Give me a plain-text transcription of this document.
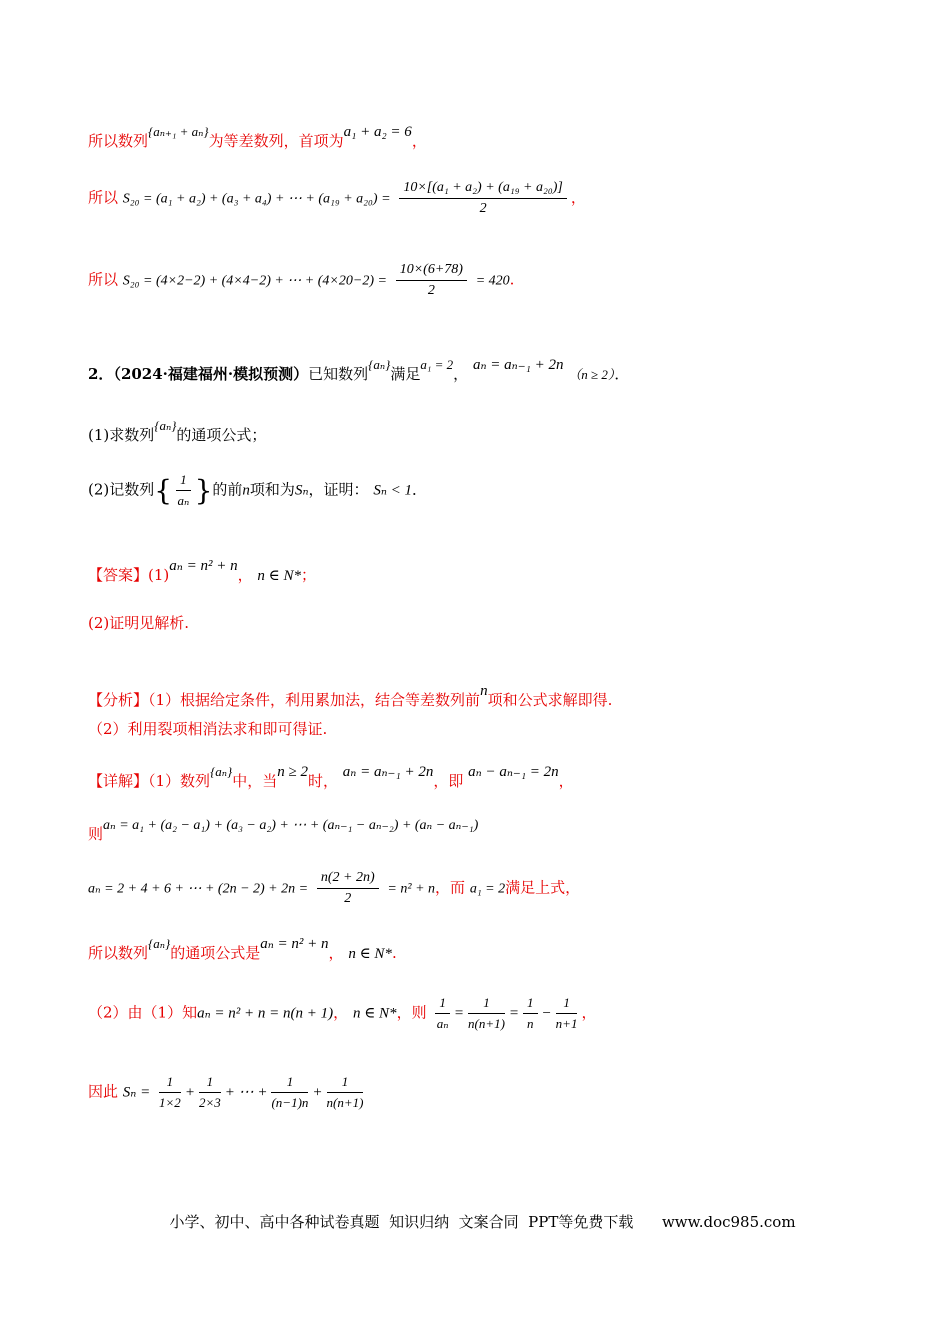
所以数列{aₙ₊₁ + aₙ}为等差数列，首项为a₁ + a₂ = 6，
所以 S₂₀ = (a₁ + a₂) + (a₃ + a₄) + ⋯ + $(a_{19} + a_{20}) = \frac{\text{10×[(a₁ + a₂) + (a₁₉ + a₂₀)]}}{2}$ ，
所以 S₂₀ = (4×2−2) + (4×4−2) + ⋯ + $(4\times 20-2) = \frac{10\times(6+78)}{2} = 420$.
2．（2024·福建福州·模拟预测）已知数列{aₙ}满足a₁ = 2， aₙ = aₙ₋₁ + 2n （n ≥ 2）．
(1)求数列{aₙ}的通项公式；
(2)记数列{ $\frac{1}{\text{aₙ}}$ }的前n项和为Sₙ，证明： Sₙ < 1．
【答案】(1)aₙ = n² + n， n ∈ N*；
(2)证明见解析.
【分析】（1）根据给定条件，利用累加法，结合等差数列前n项和公式求解即得.
（2）利用裂项相消法求和即可得证.
【详解】（1）数列{aₙ}中，当n ≥ 2时， aₙ = aₙ₋₁ + 2n，即 aₙ − aₙ₋₁ = 2n，
则aₙ = a₁ + (a₂ − a₁) + (a₃ − a₂) + ⋯ + (aₙ₋₁ − aₙ₋₂) + (aₙ − aₙ₋₁)
aₙ = 2 + 4 + 6 + ⋯ + $(2n - 2) + 2n = \frac{n(2 + 2n)}{2} = n^2 + n$，而 a₁ = 2满足上式，
所以数列{aₙ}的通项公式是aₙ = n² + n， n ∈ N*.
（2）由（1）知aₙ = n² + n = n(n + 1)， n ∈ N*，则 $\frac{1}{\text{aₙ}} = \frac{1}{n(n+1)} = \frac{1}{n} - \frac{1}{n+1}$ ，
因此 $S_n = \frac{1}{1\times 2} + \frac{1}{2\times 3}$ + ⋯ + $\frac{1}{(n-1)n} + \frac{1}{n(n+1)}$

小学、初中、高中各种试卷真题  知识归纳  文案合同  PPT等免费下载 www.doc985.com
